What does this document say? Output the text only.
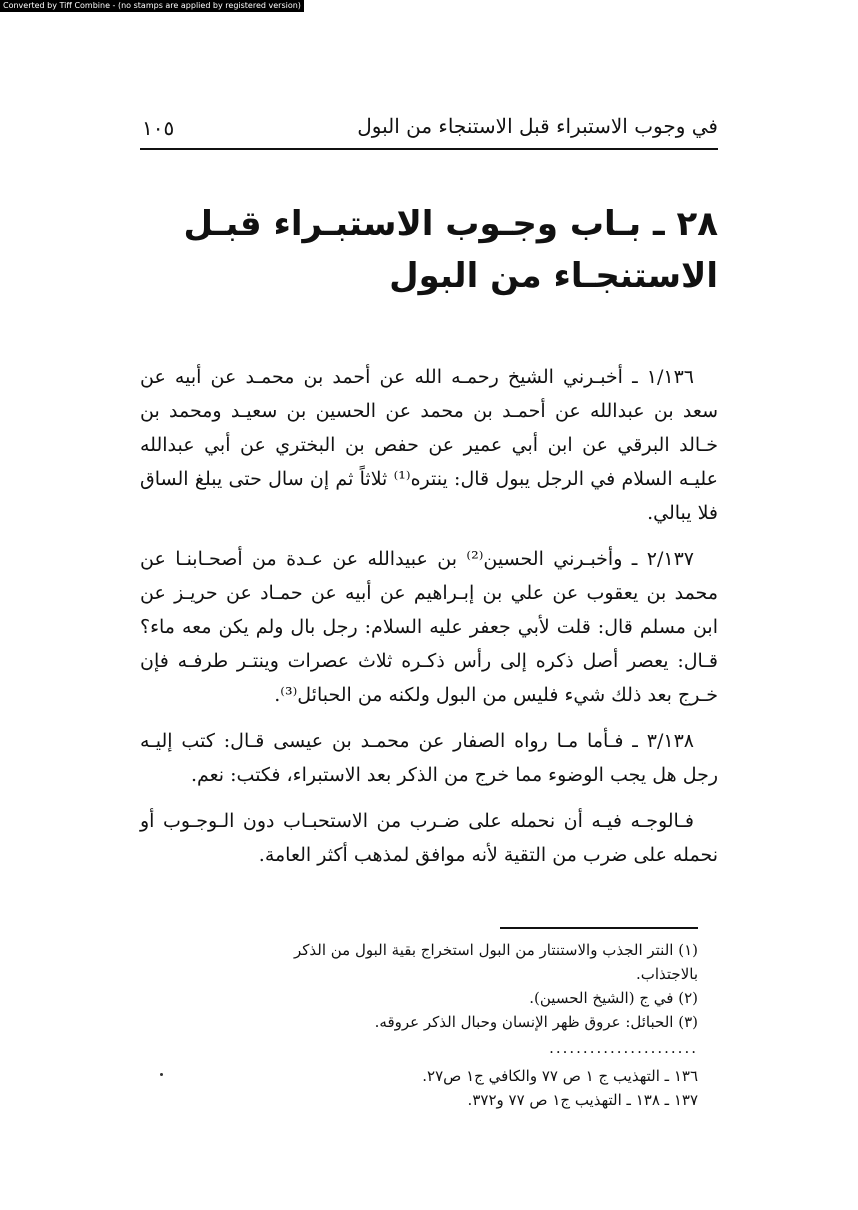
Converted by Tiff Combine - (no stamps are applied by registered version)
في وجوب الاستبراء قبل الاستنجاء من البول
١٠٥
٢٨ ـ بـاب وجـوب الاستبـراء قبـل الاستنجـاء من البول

١/١٣٦ ـ أخبـرني الشيخ رحمـه الله عن أحمد بن محمـد عن أبيه عن سعد بن عبدالله عن أحمـد بن محمد عن الحسين بن سعيـد ومحمد بن خـالد البرقي عن ابن أبي عمير عن حفص بن البختري عن أبي عبدالله عليـه السلام في الرجل يبول قال: ينتره⁽¹⁾ ثلاثاً ثم إن سال حتى يبلغ الساق فلا يبالي.

٢/١٣٧ ـ وأخبـرني الحسين⁽²⁾ بن عبيدالله عن عـدة من أصحـابنـا عن محمد بن يعقوب عن علي بن إبـراهيم عن أبيه عن حمـاد عن حريـز عن ابن مسلم قال: قلت لأبي جعفر عليه السلام: رجل بال ولم يكن معه ماء؟ قـال: يعصر أصل ذكره إلى رأس ذكـره ثلاث عصرات وينتـر طرفـه فإن خـرج بعد ذلك شيء فليس من البول ولكنه من الحبائل⁽³⁾.

٣/١٣٨ ـ فـأما مـا رواه الصفار عن محمـد بن عيسى قـال: كتب إليـه رجل هل يجب الوضوء مما خرج من الذكر بعد الاستبراء، فكتب: نعم.

فـالوجـه فيـه أن نحمله على ضـرب من الاستحبـاب دون الـوجـوب أو نحمله على ضرب من التقية لأنه موافق لمذهب أكثر العامة.

(١) النتر الجذب والاستنتار من البول استخراج بقية البول من الذكر بالاجتذاب.

(٢) في ج (الشيخ الحسين).

(٣) الحبائل: عروق ظهر الإنسان وحبال الذكر عروقه.

......................

١٣٦ ـ التهذيب ج ١ ص ٧٧ والكافي ج١ ص٢٧.

١٣٧ ـ ١٣٨ ـ التهذيب ج١ ص ٧٧ و٣٧٢.
